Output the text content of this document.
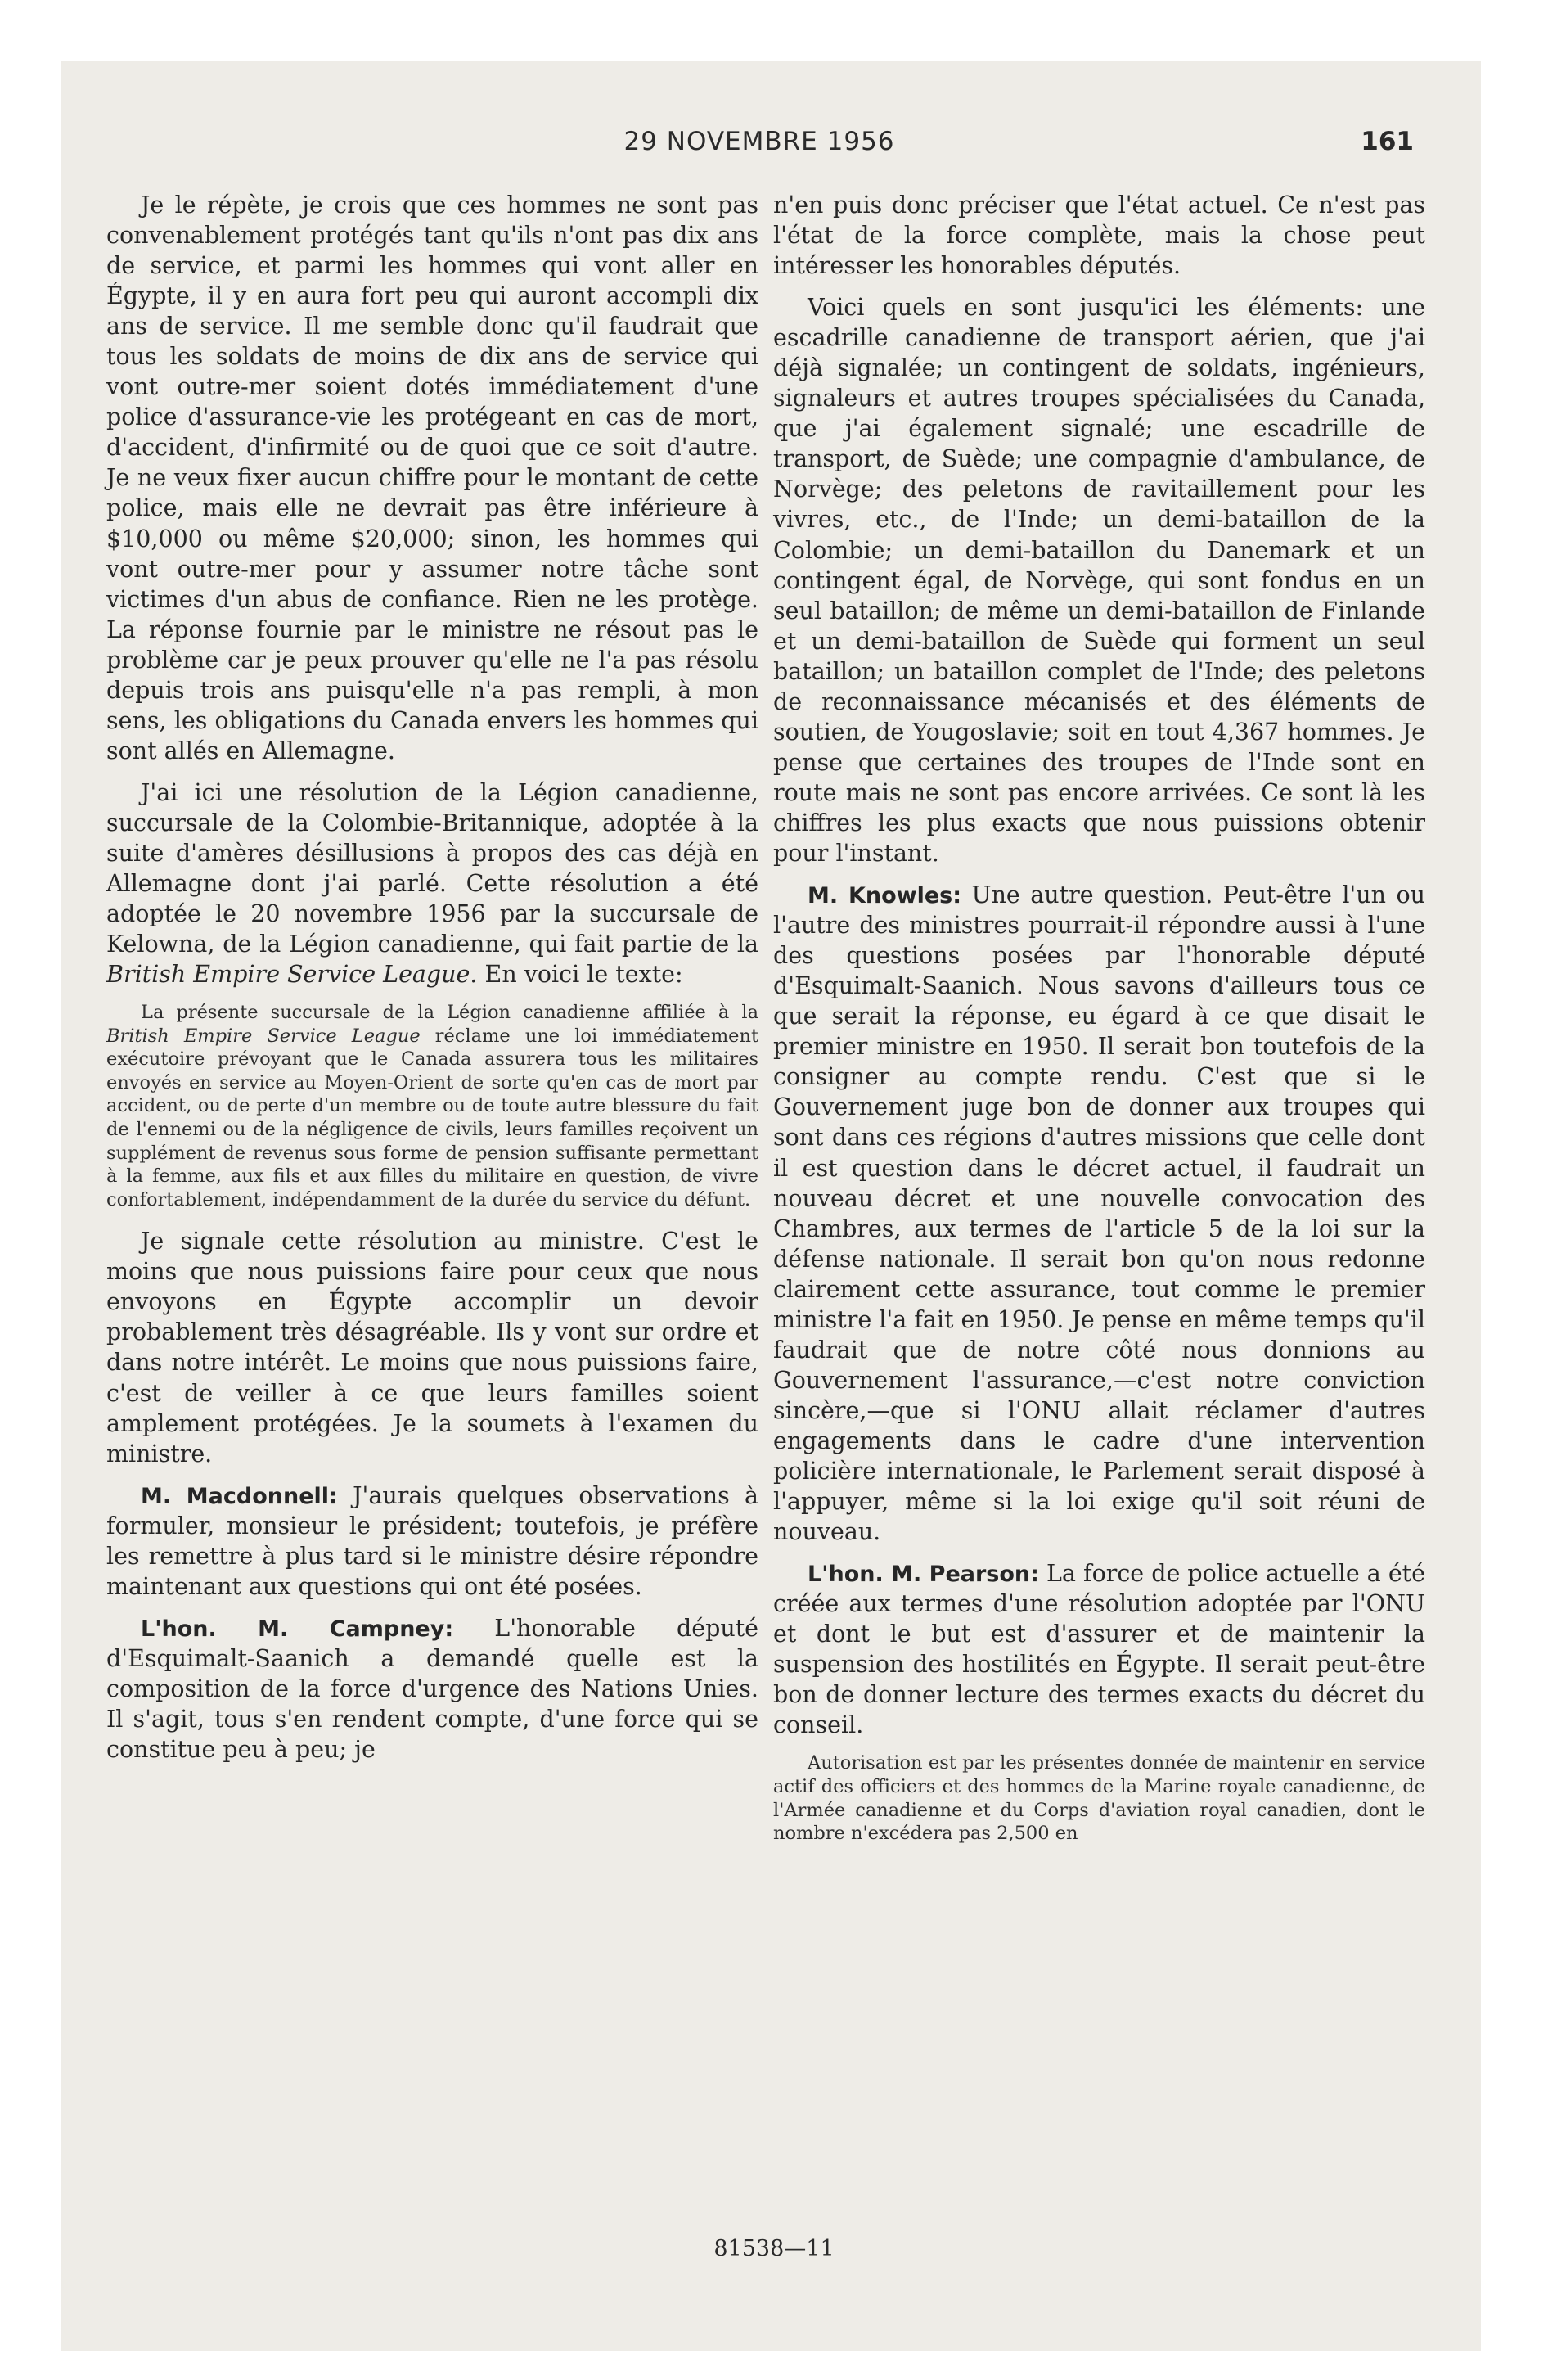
29 NOVEMBRE 1956	161

Je le répète, je crois que ces hommes ne sont pas convenablement protégés tant qu'ils n'ont pas dix ans de service, et parmi les hommes qui vont aller en Égypte, il y en aura fort peu qui auront accompli dix ans de service. Il me semble donc qu'il faudrait que tous les soldats de moins de dix ans de service qui vont outre-mer soient dotés immédiatement d'une police d'assurance-vie les protégeant en cas de mort, d'accident, d'infirmité ou de quoi que ce soit d'autre. Je ne veux fixer aucun chiffre pour le montant de cette police, mais elle ne devrait pas être inférieure à $10,000 ou même $20,000; sinon, les hommes qui vont outre-mer pour y assumer notre tâche sont victimes d'un abus de confiance. Rien ne les protège. La réponse fournie par le ministre ne résout pas le problème car je peux prouver qu'elle ne l'a pas résolu depuis trois ans puisqu'elle n'a pas rempli, à mon sens, les obligations du Canada envers les hommes qui sont allés en Allemagne.

J'ai ici une résolution de la Légion canadienne, succursale de la Colombie-Britannique, adoptée à la suite d'amères désillusions à propos des cas déjà en Allemagne dont j'ai parlé. Cette résolution a été adoptée le 20 novembre 1956 par la succursale de Kelowna, de la Légion canadienne, qui fait partie de la British Empire Service League. En voici le texte:

La présente succursale de la Légion canadienne affiliée à la British Empire Service League réclame une loi immédiatement exécutoire prévoyant que le Canada assurera tous les militaires envoyés en service au Moyen-Orient de sorte qu'en cas de mort par accident, ou de perte d'un membre ou de toute autre blessure du fait de l'ennemi ou de la négligence de civils, leurs familles reçoivent un supplément de revenus sous forme de pension suffisante permettant à la femme, aux fils et aux filles du militaire en question, de vivre confortablement, indépendamment de la durée du service du défunt.

Je signale cette résolution au ministre. C'est le moins que nous puissions faire pour ceux que nous envoyons en Égypte accomplir un devoir probablement très désagréable. Ils y vont sur ordre et dans notre intérêt. Le moins que nous puissions faire, c'est de veiller à ce que leurs familles soient amplement protégées. Je la soumets à l'examen du ministre.

M. Macdonnell: J'aurais quelques observations à formuler, monsieur le président; toutefois, je préfère les remettre à plus tard si le ministre désire répondre maintenant aux questions qui ont été posées.

L'hon. M. Campney: L'honorable député d'Esquimalt-Saanich a demandé quelle est la composition de la force d'urgence des Nations Unies. Il s'agit, tous s'en rendent compte, d'une force qui se constitue peu à peu; je

n'en puis donc préciser que l'état actuel. Ce n'est pas l'état de la force complète, mais la chose peut intéresser les honorables députés.

Voici quels en sont jusqu'ici les éléments: une escadrille canadienne de transport aérien, que j'ai déjà signalée; un contingent de soldats, ingénieurs, signaleurs et autres troupes spécialisées du Canada, que j'ai également signalé; une escadrille de transport, de Suède; une compagnie d'ambulance, de Norvège; des peletons de ravitaillement pour les vivres, etc., de l'Inde; un demi-bataillon de la Colombie; un demi-bataillon du Danemark et un contingent égal, de Norvège, qui sont fondus en un seul bataillon; de même un demi-bataillon de Finlande et un demi-bataillon de Suède qui forment un seul bataillon; un bataillon complet de l'Inde; des peletons de reconnaissance mécanisés et des éléments de soutien, de Yougoslavie; soit en tout 4,367 hommes. Je pense que certaines des troupes de l'Inde sont en route mais ne sont pas encore arrivées. Ce sont là les chiffres les plus exacts que nous puissions obtenir pour l'instant.

M. Knowles: Une autre question. Peut-être l'un ou l'autre des ministres pourrait-il répondre aussi à l'une des questions posées par l'honorable député d'Esquimalt-Saanich. Nous savons d'ailleurs tous ce que serait la réponse, eu égard à ce que disait le premier ministre en 1950. Il serait bon toutefois de la consigner au compte rendu. C'est que si le Gouvernement juge bon de donner aux troupes qui sont dans ces régions d'autres missions que celle dont il est question dans le décret actuel, il faudrait un nouveau décret et une nouvelle convocation des Chambres, aux termes de l'article 5 de la loi sur la défense nationale. Il serait bon qu'on nous redonne clairement cette assurance, tout comme le premier ministre l'a fait en 1950. Je pense en même temps qu'il faudrait que de notre côté nous donnions au Gouvernement l'assurance,—c'est notre conviction sincère,—que si l'ONU allait réclamer d'autres engagements dans le cadre d'une intervention policière internationale, le Parlement serait disposé à l'appuyer, même si la loi exige qu'il soit réuni de nouveau.

L'hon. M. Pearson: La force de police actuelle a été créée aux termes d'une résolution adoptée par l'ONU et dont le but est d'assurer et de maintenir la suspension des hostilités en Égypte. Il serait peut-être bon de donner lecture des termes exacts du décret du conseil.

Autorisation est par les présentes donnée de maintenir en service actif des officiers et des hommes de la Marine royale canadienne, de l'Armée canadienne et du Corps d'aviation royal canadien, dont le nombre n'excédera pas 2,500 en

81538—11
